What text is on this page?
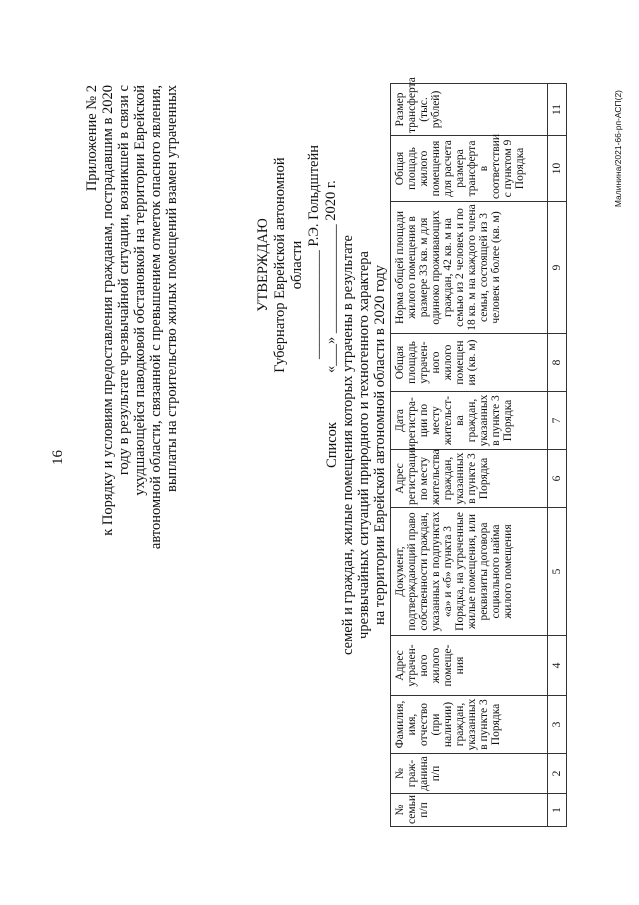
16
Приложение № 2 к Порядку и условиям предоставления гражданам, пострадавшим в 2020 году в результате чрезвычайной ситуации, возникшей в связи с ухудшающейся паводковой обстановкой на территории Еврейской автономной области, связанной с превышением отметок опасного явления, выплаты на строительство жилых помещений взамен утраченных	УТВЕРЖДАЮ Губернатор Еврейской автономной области _______________ Р.Э. Гольдштейн «___» _______________ 2020 г.
Список семей и граждан, жилые помещения которых утрачены в результате чрезвычайных ситуаций природного и техногенного характера на территории Еврейской автономной области в 2020 году
№ семьи п/п	№ граж-данина п/п	Фамилия, имя, отчество (при наличии) граждан, указанных в пункте 3 Порядка	Адрес утрачен-ного жилого помеще-ния	Документ, подтверждающий право собственности граждан, указанных в подпунктах «а» и «б» пункта 3 Порядка, на утраченные жилые помещения, или реквизиты договора социального найма жилого помещения	Адрес регистрации по месту жительства граждан, указанных в пункте 3 Порядка	Дата регистра-ции по месту жительст-ва граждан, указанных в пункте 3 Порядка	Общая площадь утрачен-ного жилого помещен ия (кв. м)	Норма общей площади жилого помещения в размере 33 кв. м для одиноко проживающих граждан, 42 кв. м на семью из 2 человек и по 18 кв. м на каждого члена семьи, состоящей из 3 человек и более (кв. м)	Общая площадь жилого помещения для расчета размера трансферта в соответствии с пунктом 9 Порядка	Размер трансферта (тыс. рублей)
1	2	3	4	5	6	7	8	9	10	11	Малинина/2021-66-рп-АСП(2)
